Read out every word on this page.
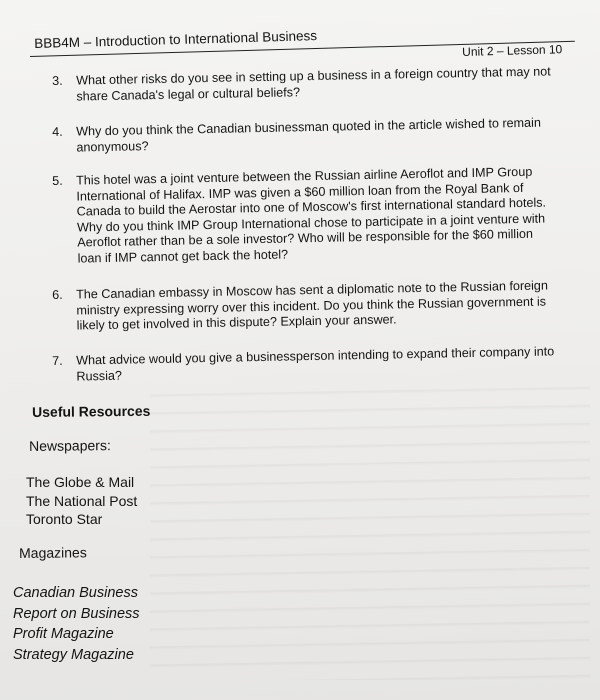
BBB4M – Introduction to International Business	Unit 2 – Lesson 10
3.	What other risks do you see in setting up a business in a foreign country that may not share Canada's legal or cultural beliefs?
4.	Why do you think the Canadian businessman quoted in the article wished to remain anonymous?
5.	This hotel was a joint venture between the Russian airline Aeroflot and IMP Group International of Halifax. IMP was given a $60 million loan from the Royal Bank of Canada to build the Aerostar into one of Moscow's first international standard hotels. Why do you think IMP Group International chose to participate in a joint venture with Aeroflot rather than be a sole investor? Who will be responsible for the $60 million loan if IMP cannot get back the hotel?
6.	The Canadian embassy in Moscow has sent a diplomatic note to the Russian foreign ministry expressing worry over this incident. Do you think the Russian government is likely to get involved in this dispute? Explain your answer.
7.	What advice would you give a businessperson intending to expand their company into Russia?
Useful Resources
Newspapers:
The Globe & Mail
The National Post
Toronto Star
Magazines
Canadian Business
Report on Business
Profit Magazine
Strategy Magazine
